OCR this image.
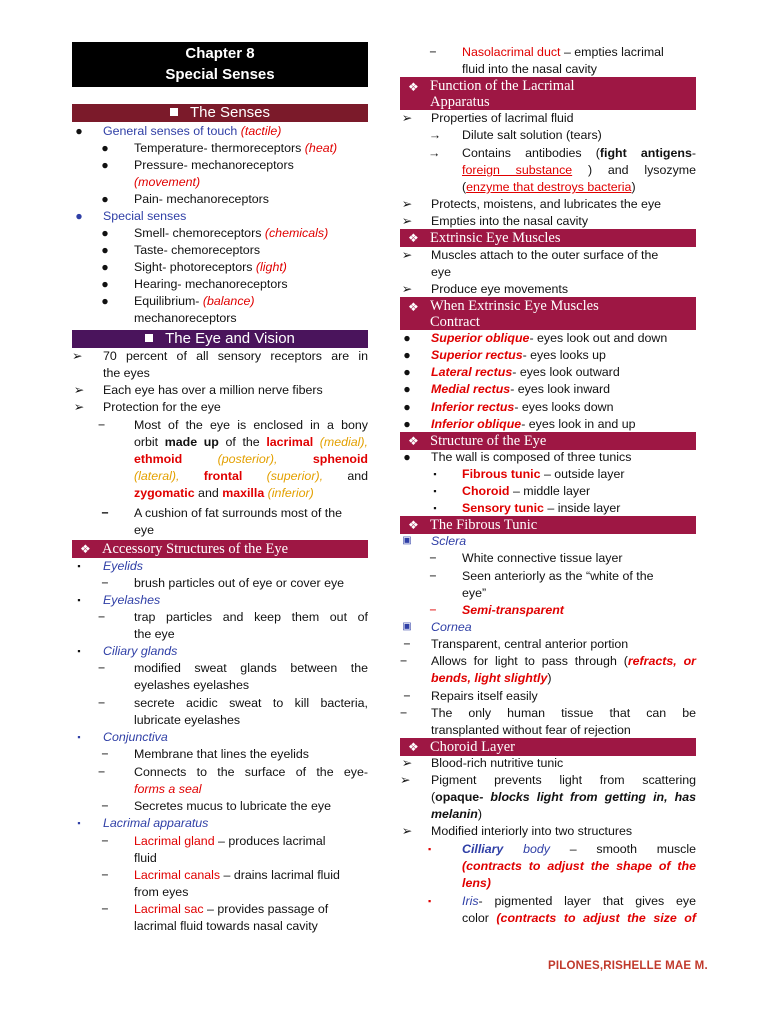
Chapter 8
Special Senses
The Senses
● General senses of touch (tactile)
● Temperature- thermoreceptors (heat)
● Pressure- mechanoreceptors
(movement)
● Pain- mechanoreceptors
● Special senses
● Smell- chemoreceptors (chemicals)
● Taste- chemoreceptors
● Sight- photoreceptors (light)
● Hearing- mechanoreceptors
● Equilibrium- (balance)
mechanoreceptors
The Eye and Vision
➢ 70 percent of all sensory receptors are in
the eyes
➢ Each eye has over a million nerve fibers
➢ Protection for the eye
−	Most of the eye is enclosed in a bony
orbit made up of the lacrimal (medial),
ethmoid	(posterior),	sphenoid
(lateral), frontal (superior), and
zygomatic and maxilla (inferior)
− A cushion of fat surrounds most of the
eye
❖ Accessory Structures of the Eye
▪	Eyelids
− brush particles out of eye or cover eye
▪	Eyelashes
−	trap particles and keep them out of
the eye
▪	Ciliary glands
−	modified sweat glands between the
eyelashes eyelashes
−	secrete acidic sweat to kill bacteria,
lubricate eyelashes
▪	Conjunctiva
− Membrane that lines the eyelids
−	Connects to the surface of the eye-
forms a seal
− Secretes mucus to lubricate the eye
▪	Lacrimal apparatus
− Lacrimal gland – produces lacrimal
fluid
− Lacrimal canals – drains lacrimal fluid
from eyes
− Lacrimal sac – provides passage of
lacrimal fluid towards nasal cavity
− Nasolacrimal duct – empties lacrimal
fluid into the nasal cavity
❖ Function of the Lacrimal
Apparatus
➢ Properties of lacrimal fluid
→ Dilute salt solution (tears)
→ Contains antibodies (fight antigens-
foreign substance ) and lysozyme
(enzyme that destroys bacteria)
➢ Protects, moistens, and lubricates the eye
➢ Empties into the nasal cavity
❖ Extrinsic Eye Muscles
➢ Muscles attach to the outer surface of the
eye
➢ Produce eye movements
❖ When Extrinsic Eye Muscles
Contract
● Superior oblique- eyes look out and down
● Superior rectus- eyes looks up
● Lateral rectus- eyes look outward
● Medial rectus- eyes look inward
● Inferior rectus- eyes looks down
● Inferior oblique- eyes look in and up
❖ Structure of the Eye
● The wall is composed of three tunics
▪	Fibrous tunic – outside layer
▪	Choroid – middle layer
▪	Sensory tunic – inside layer
❖ The Fibrous Tunic
▣ Sclera
− White connective tissue layer
− Seen anteriorly as the “white of the
eye”
− Semi-transparent
▣ Cornea
− Transparent, central anterior portion
−	Allows for light to pass through (refracts, or
bends, light slightly)
− Repairs itself easily
−	The only human tissue that can be
transplanted without fear of rejection
❖ Choroid Layer
➢ Blood-rich nutritive tunic
➢ Pigment prevents light from scattering
(opaque- blocks light from getting in, has
melanin)
➢ Modified interiorly into two structures
▪	Cilliary body – smooth muscle
(contracts to adjust the shape of the
lens)
▪	Iris- pigmented layer that gives eye
color (contracts to adjust the size of
PILONES,RISHELLE MAE M.
